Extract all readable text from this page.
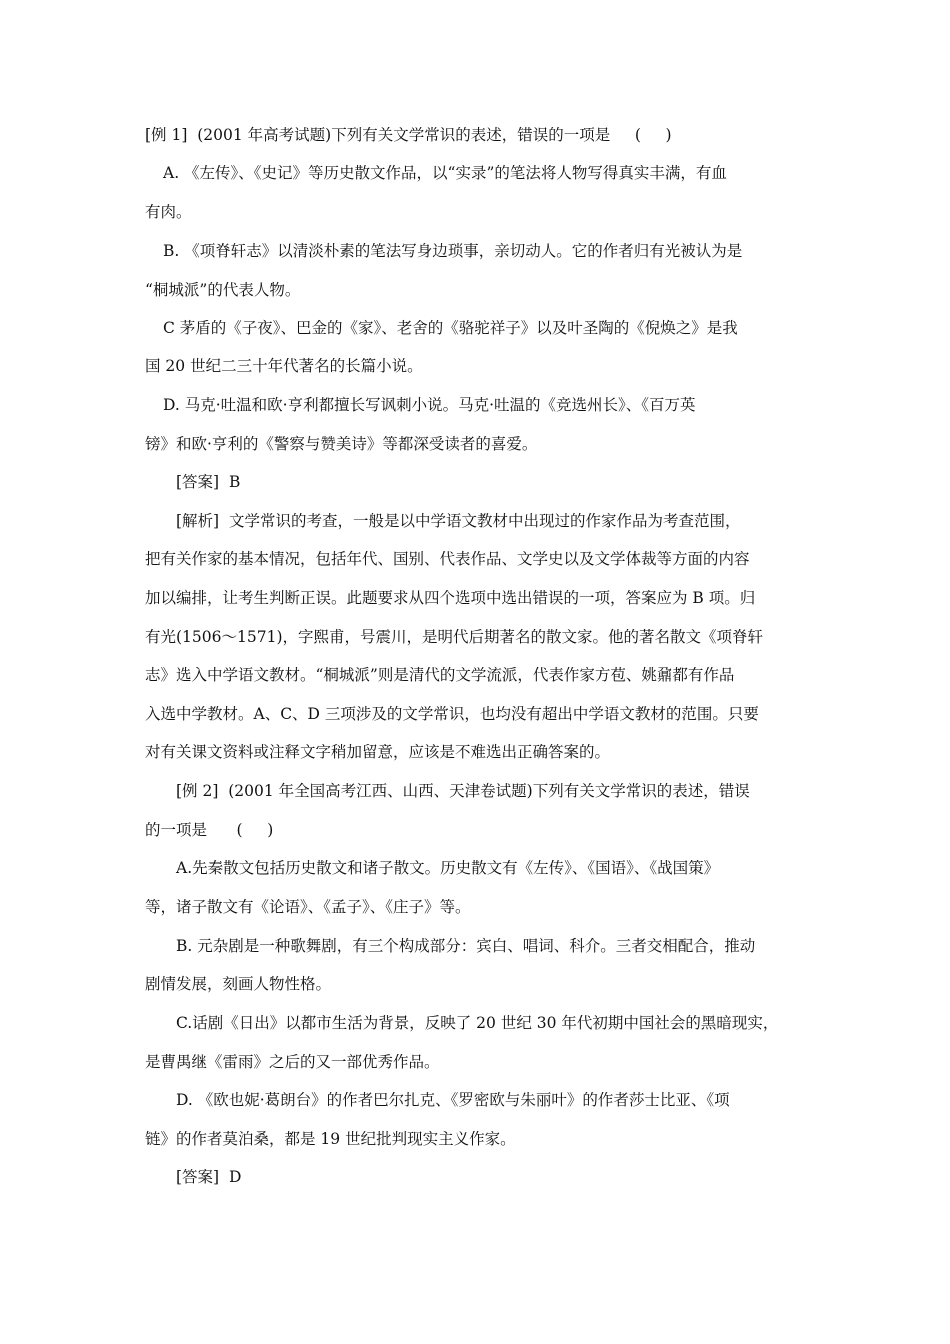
[例 1]  (2001 年高考试题)下列有关文学常识的表述，错误的一项是     (     )

A. 《左传》、《史记》等历史散文作品，以“实录”的笔法将人物写得真实丰满，有血

有肉。

B. 《项脊轩志》以清淡朴素的笔法写身边琐事，亲切动人。它的作者归有光被认为是

“桐城派”的代表人物。

C 茅盾的《子夜》、巴金的《家》、老舍的《骆驼祥子》以及叶圣陶的《倪焕之》是我

国 20 世纪二三十年代著名的长篇小说。

D. 马克·吐温和欧·亨利都擅长写讽刺小说。马克·吐温的《竞选州长》、《百万英

镑》和欧·亨利的《警察与赞美诗》等都深受读者的喜爱。

[答案]  B

[解析]  文学常识的考查，一般是以中学语文教材中出现过的作家作品为考查范围，

把有关作家的基本情况，包括年代、国别、代表作品、文学史以及文学体裁等方面的内容

加以编排，让考生判断正误。此题要求从四个选项中选出错误的一项，答案应为 B 项。归

有光(1506～1571)，字熙甫，号震川，是明代后期著名的散文家。他的著名散文《项脊轩

志》选入中学语文教材。“桐城派”则是清代的文学流派，代表作家方苞、姚鼐都有作品

入选中学教材。A、C、D 三项涉及的文学常识，也均没有超出中学语文教材的范围。只要

对有关课文资料或注释文字稍加留意，应该是不难选出正确答案的。

[例 2]  (2001 年全国高考江西、山西、天津卷试题)下列有关文学常识的表述，错误

的一项是      (     )

A.先秦散文包括历史散文和诸子散文。历史散文有《左传》、《国语》、《战国策》

等，诸子散文有《论语》、《孟子》、《庄子》等。

B. 元杂剧是一种歌舞剧，有三个构成部分：宾白、唱词、科介。三者交相配合，推动

剧情发展，刻画人物性格。

C.话剧《日出》以都市生活为背景，反映了 20 世纪 30 年代初期中国社会的黑暗现实，

是曹禺继《雷雨》之后的又一部优秀作品。

D. 《欧也妮·葛朗台》的作者巴尔扎克、《罗密欧与朱丽叶》的作者莎士比亚、《项

链》的作者莫泊桑，都是 19 世纪批判现实主义作家。

[答案]  D
